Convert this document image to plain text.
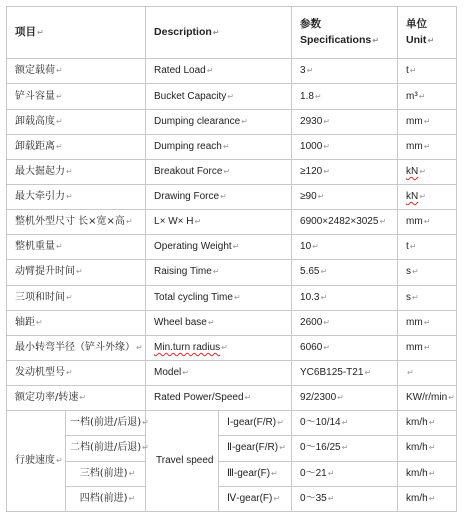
项目↵		Description↵		参数
Specifications↵	单位
Unit↵

额定载荷↵		Rated Load↵		3↵	t↵
铲斗容量↵		Bucket Capacity↵		1.8↵	m³↵
卸载高度↵		Dumping clearance↵		2930↵	mm↵
卸载距离↵		Dumping reach↵		1000↵	mm↵
最大掘起力↵		Breakout Force↵		≥120↵	kN↵
最大牵引力↵		Drawing Force↵		≥90↵	kN↵
整机外型尺寸 长×宽×高↵		L× W× H↵		6900×2482×3025↵	mm↵
整机重量↵		Operating Weight↵		10↵	t↵
动臂提升时间↵		Raising Time↵		5.65↵	s↵
三项和时间↵		Total cycling Time↵		10.3↵	s↵
轴距↵		Wheel base↵		2600↵	mm↵
最小转弯半径（铲斗外缘）↵		Min.turn radius↵		6060↵	mm↵
发动机型号↵		Model↵		YC6B125-T21↵	↵
额定功率/转速↵		Rated Power/Speed↵		92/2300↵	KW/r/min↵
行驶速度↵	一档(前进/后退)↵	Travel speed	Ⅰ-gear(F/R)↵	0～10/14↵	km/h↵
	二档(前进/后退)↵		Ⅱ-gear(F/R)↵	0～16/25↵	km/h↵
	三档(前进)↵		Ⅲ-gear(F)↵	0～21↵	km/h↵
	四档(前进)↵		Ⅳ-gear(F)↵	0～35↵	km/h↵
